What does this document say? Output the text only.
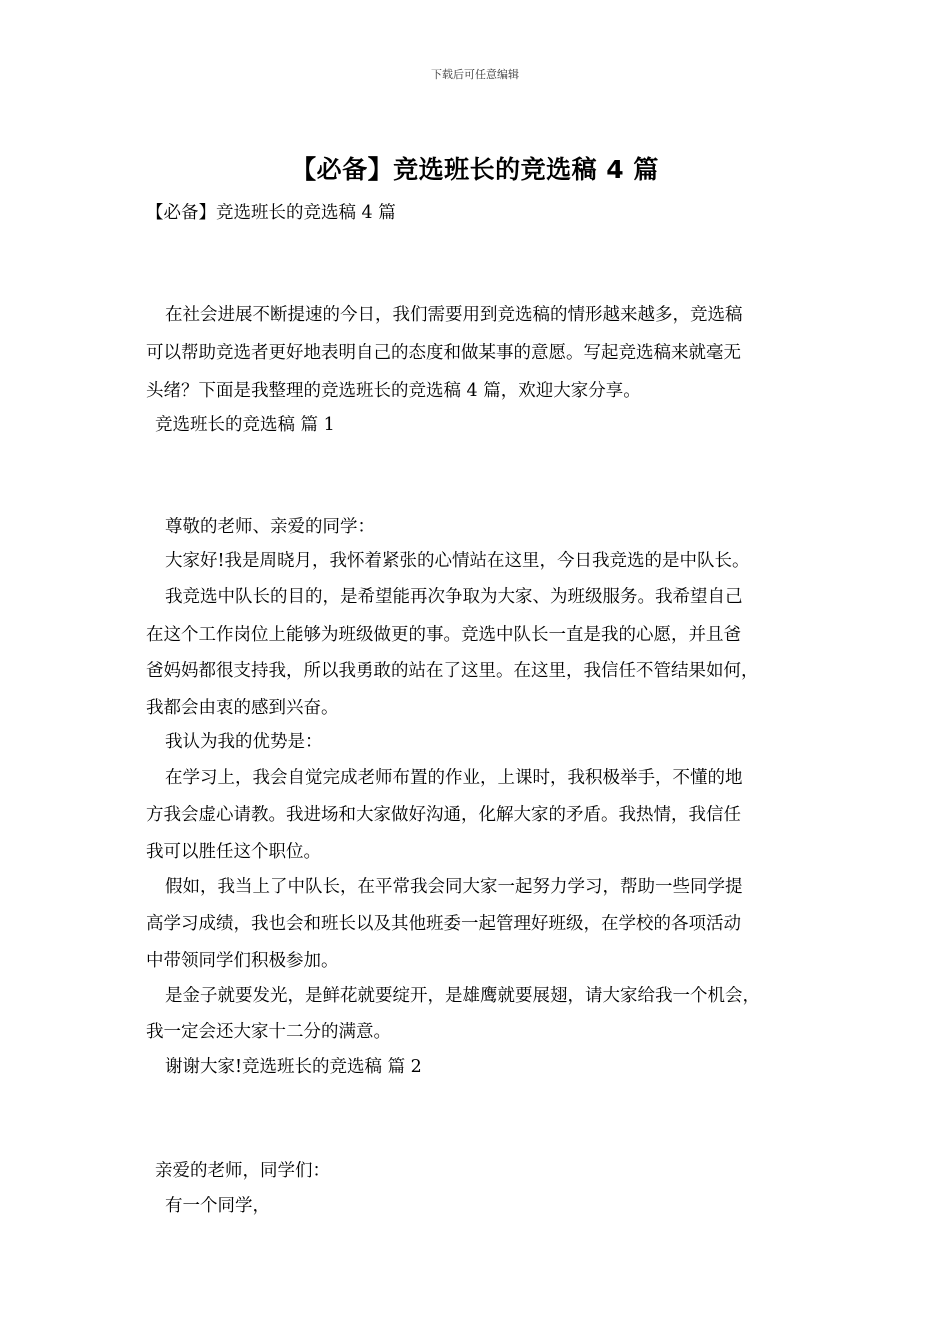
下载后可任意编辑
【必备】竞选班长的竞选稿 4 篇
【必备】竞选班长的竞选稿 4 篇
在社会进展不断提速的今日，我们需要用到竞选稿的情形越来越多，竞选稿
可以帮助竞选者更好地表明自己的态度和做某事的意愿。写起竞选稿来就毫无
头绪？下面是我整理的竞选班长的竞选稿 4 篇，欢迎大家分享。
竞选班长的竞选稿 篇 1
尊敬的老师、亲爱的同学：
大家好!我是周晓月，我怀着紧张的心情站在这里，今日我竞选的是中队长。
我竞选中队长的目的，是希望能再次争取为大家、为班级服务。我希望自己
在这个工作岗位上能够为班级做更的事。竞选中队长一直是我的心愿，并且爸
爸妈妈都很支持我，所以我勇敢的站在了这里。在这里，我信任不管结果如何，
我都会由衷的感到兴奋。
我认为我的优势是：
在学习上，我会自觉完成老师布置的作业，上课时，我积极举手，不懂的地
方我会虚心请教。我进场和大家做好沟通，化解大家的矛盾。我热情，我信任
我可以胜任这个职位。
假如，我当上了中队长，在平常我会同大家一起努力学习，帮助一些同学提
高学习成绩，我也会和班长以及其他班委一起管理好班级，在学校的各项活动
中带领同学们积极参加。
是金子就要发光，是鲜花就要绽开，是雄鹰就要展翅，请大家给我一个机会，
我一定会还大家十二分的满意。
谢谢大家!竞选班长的竞选稿 篇 2
亲爱的老师，同学们：
有一个同学，
